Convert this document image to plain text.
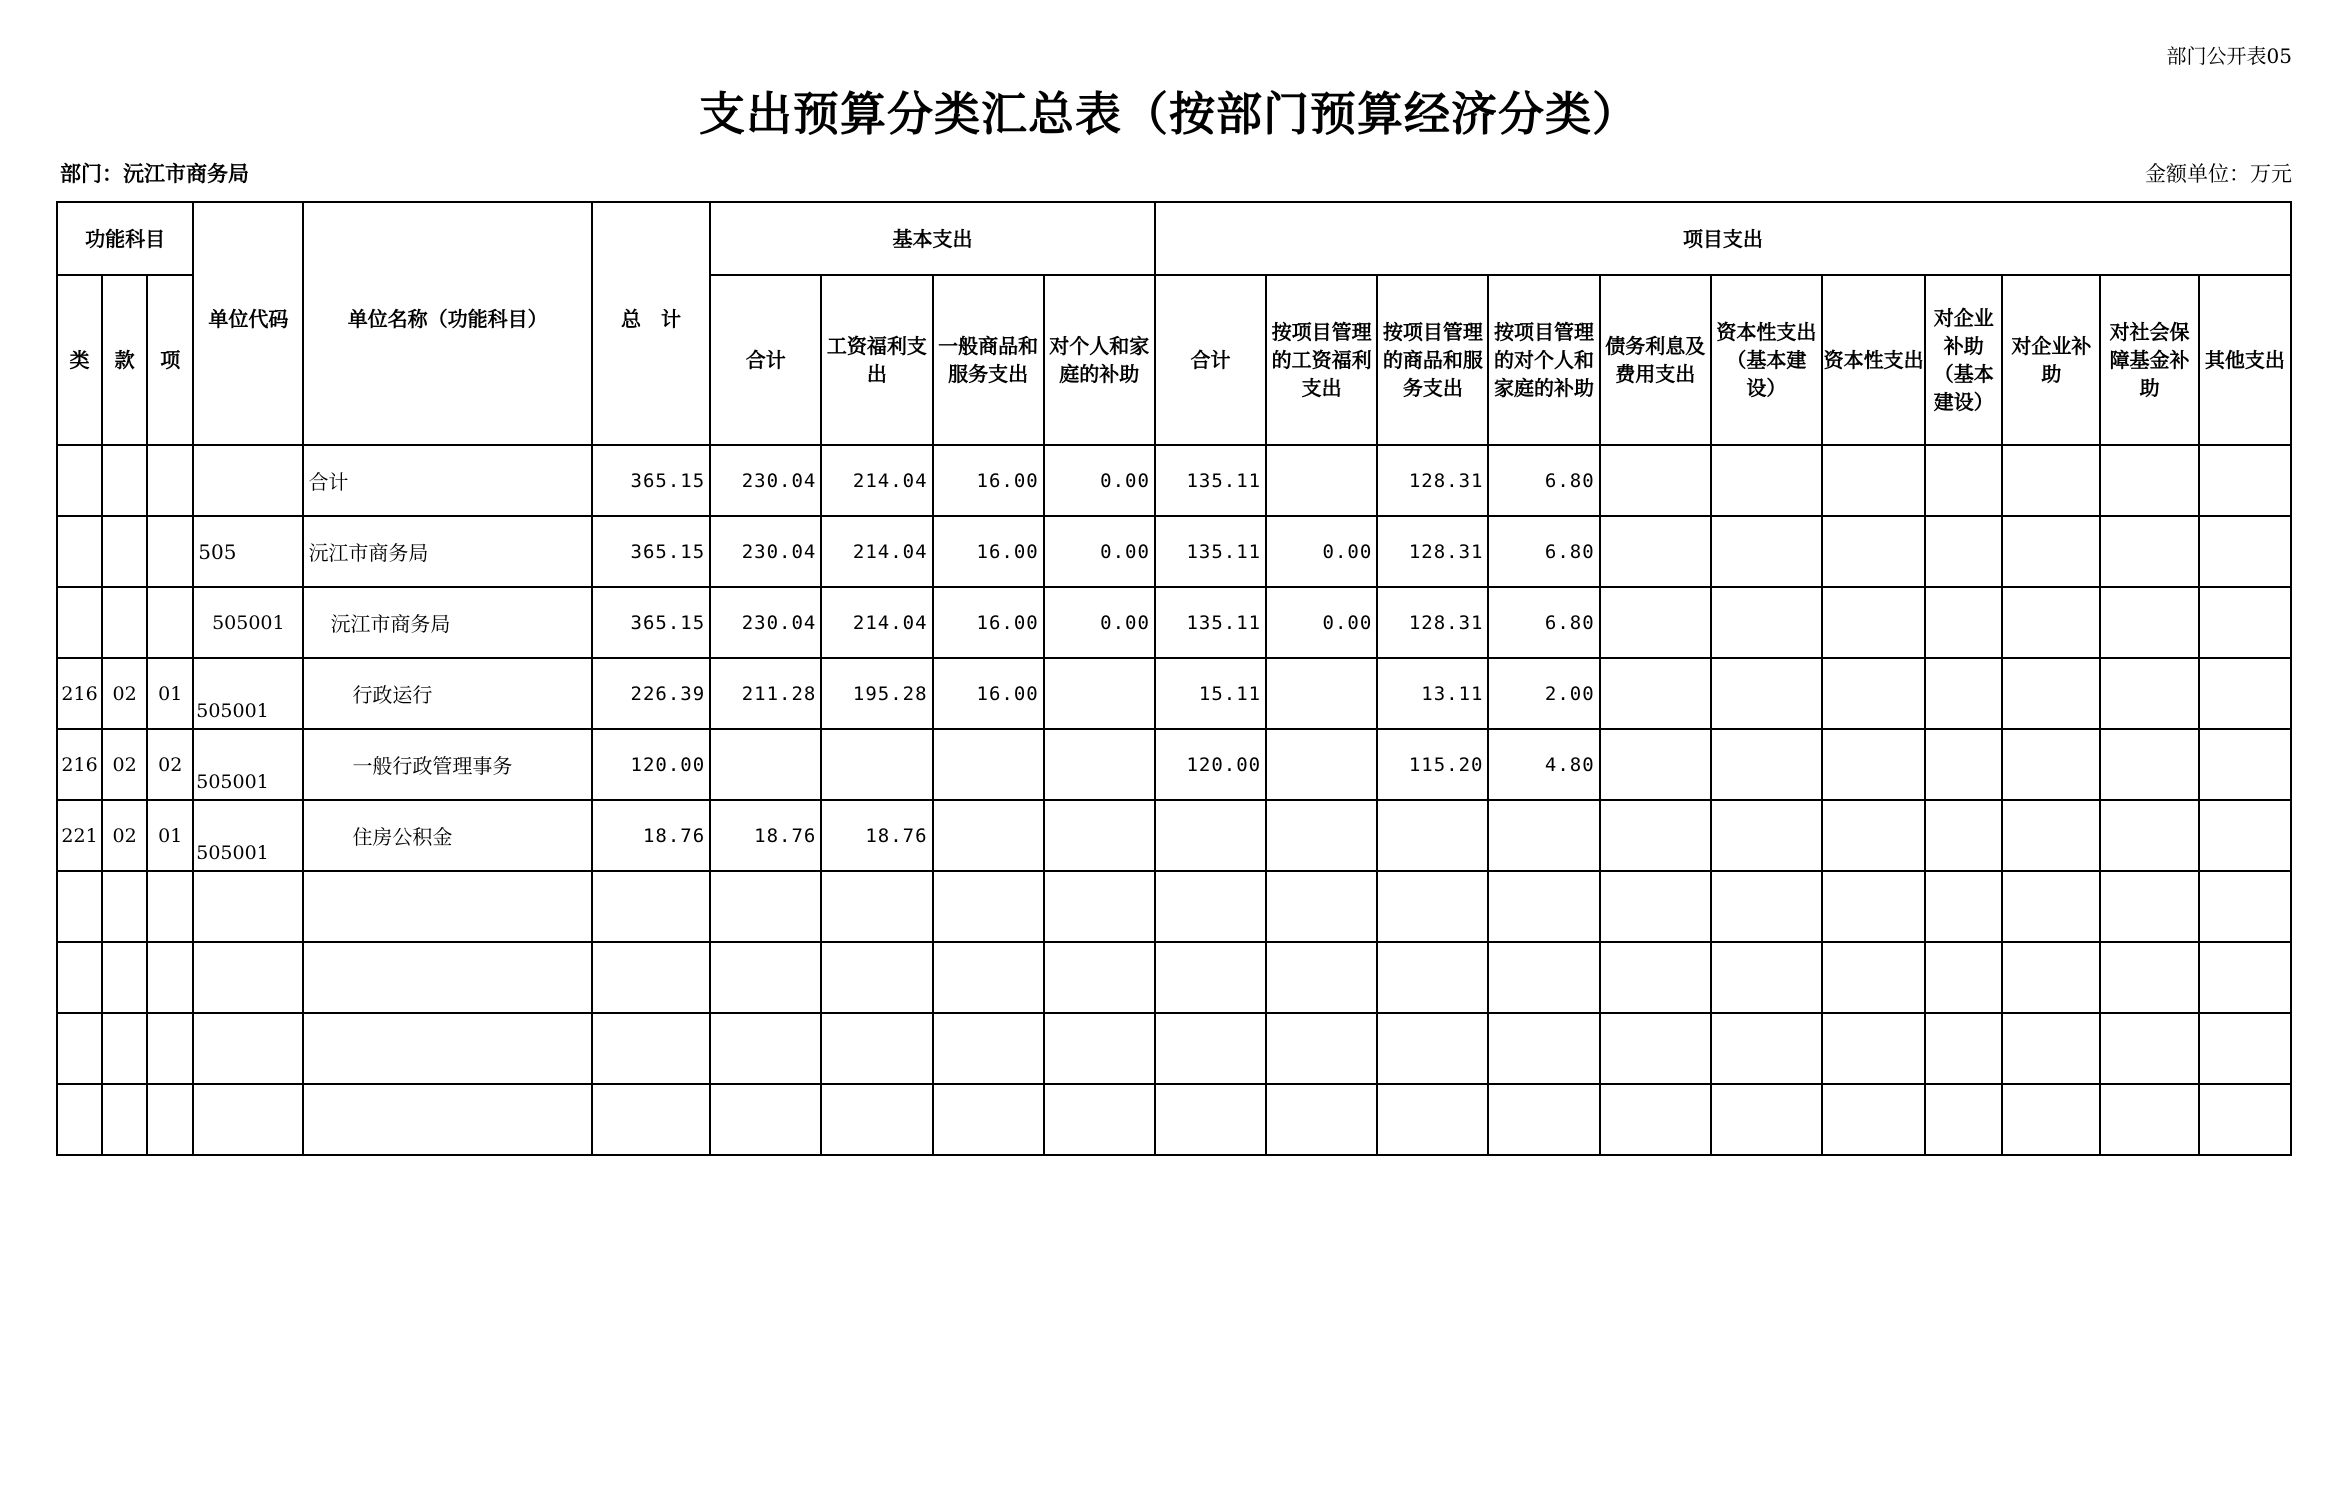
部门公开表05
支出预算分类汇总表（按部门预算经济分类）
部门：沅江市商务局	金额单位：万元
功能科目			单位代码	单位名称（功能科目）	总　计	基本支出				项目支出										
类	款	项				合计	工资福利支出	一般商品和服务支出	对个人和家庭的补助	合计	按项目管理的工资福利支出	按项目管理的商品和服务支出	按项目管理的对个人和家庭的补助	债务利息及费用支出	资本性支出（基本建设）	资本性支出	对企业补助（基本建设）	对企业补助	对社会保障基金补助	其他支出
				合计	365.15	230.04	214.04	16.00	0.00	135.11		128.31	6.80							
			505	沅江市商务局	365.15	230.04	214.04	16.00	0.00	135.11	0.00	128.31	6.80							
			505001	沅江市商务局	365.15	230.04	214.04	16.00	0.00	135.11	0.00	128.31	6.80							
216	02	01	505001	行政运行	226.39	211.28	195.28	16.00		15.11		13.11	2.00							
216	02	02	505001	一般行政管理事务	120.00					120.00		115.20	4.80							
221	02	01	505001	住房公积金	18.76	18.76	18.76													
